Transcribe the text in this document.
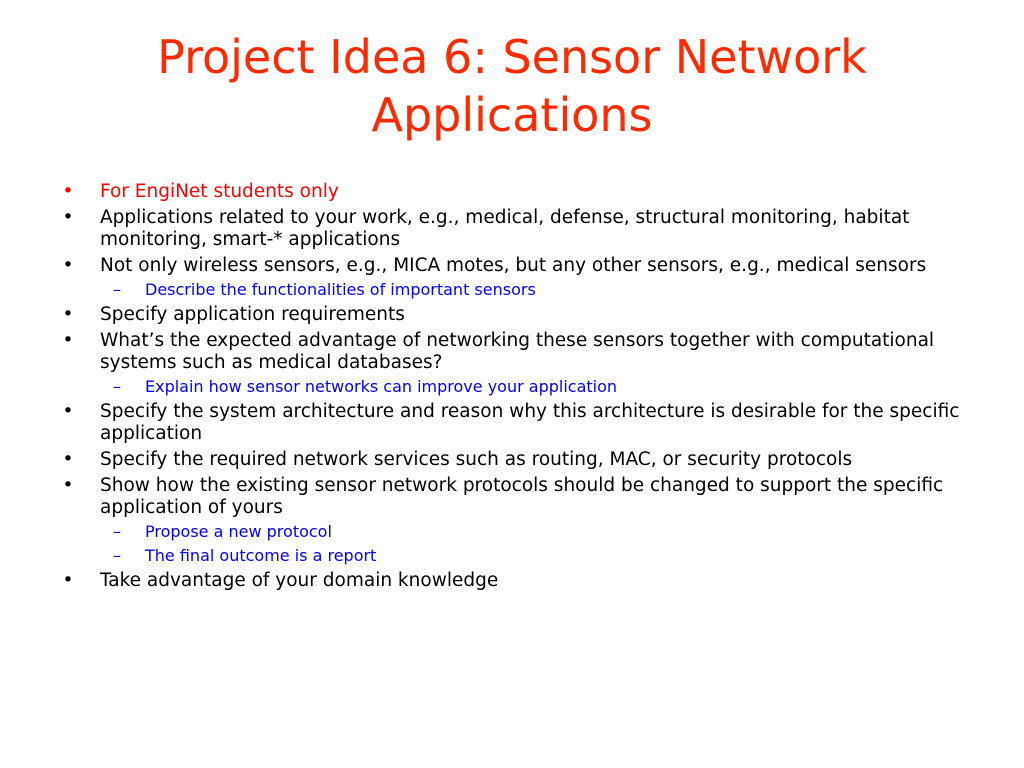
Project Idea 6: Sensor Network Applications
• For EngiNet students only
• Applications related to your work, e.g., medical, defense, structural monitoring, habitat monitoring, smart-* applications
• Not only wireless sensors, e.g., MICA motes, but any other sensors, e.g., medical sensors
– Describe the functionalities of important sensors
• Specify application requirements
• What’s the expected advantage of networking these sensors together with computational systems such as medical databases?
– Explain how sensor networks can improve your application
• Specify the system architecture and reason why this architecture is desirable for the specific application
• Specify the required network services such as routing, MAC, or security protocols
• Show how the existing sensor network protocols should be changed to support the specific application of yours
– Propose a new protocol
– The final outcome is a report
• Take advantage of your domain knowledge
